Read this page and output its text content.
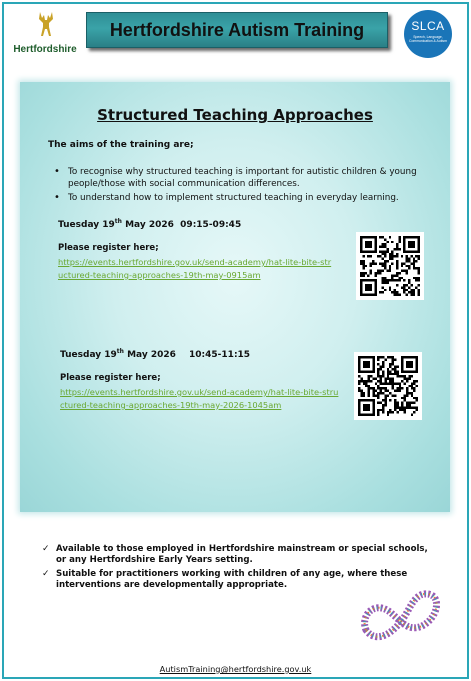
Hertfordshire
Hertfordshire Autism Training	SLCA
Speech, Language, Communication & Autism
Structured Teaching Approaches
The aims of the training are;
• To recognise why structured teaching is important for autistic children & young people/those with social communication differences.
• To understand how to implement structured teaching in everyday learning.
Tuesday 19th May 2026 09:15-09:45
Please register here;
https://events.hertfordshire.gov.uk/send-academy/hat-lite-bite-structured-teaching-approaches-19th-may-0915am
Tuesday 19th May 2026 10:45-11:15
Please register here;
https://events.hertfordshire.gov.uk/send-academy/hat-lite-bite-structured-teaching-approaches-19th-may-2026-1045am
✓ Available to those employed in Hertfordshire mainstream or special schools, or any Hertfordshire Early Years setting.
✓ Suitable for practitioners working with children of any age, where these interventions are developmentally appropriate.
AutismTraining@hertfordshire.gov.uk
